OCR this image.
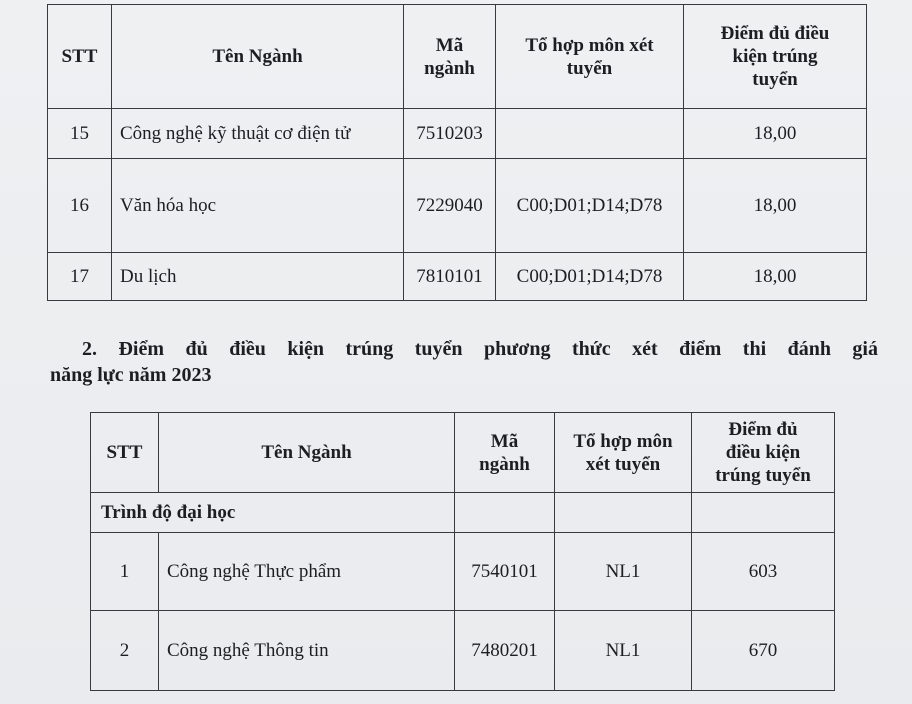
STT	Tên Ngành	Mã ngành	Tổ hợp môn xét tuyển	Điểm đủ điều kiện trúng tuyển
15	Công nghệ kỹ thuật cơ điện tử	7510203		18,00
16	Văn hóa học	7229040	C00;D01;D14;D78	18,00
17	Du lịch	7810101	C00;D01;D14;D78	18,00
2. Điểm đủ điều kiện trúng tuyển phương thức xét điểm thi đánh giá
năng lực năm 2023
STT	Tên Ngành	Mã ngành	Tổ hợp môn xét tuyển	Điểm đủ điều kiện trúng tuyển
Trình độ đại học				
1	Công nghệ Thực phẩm	7540101	NL1	603
2	Công nghệ Thông tin	7480201	NL1	670
